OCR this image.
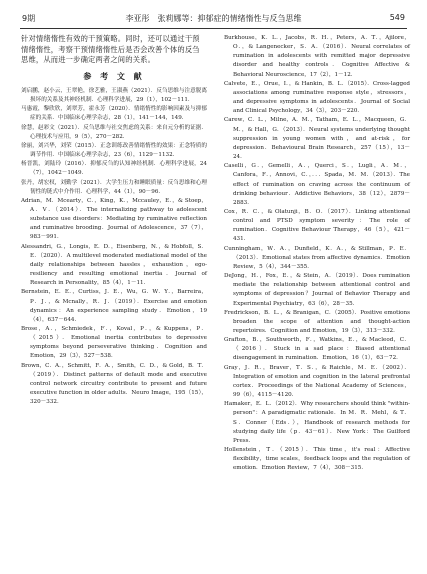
9期	李亚彤　张莉娜等：抑郁症的情绪惰性与反刍思维	549

针对情绪惰性有效的干预策略。同时，还可以通过干预情绪惰性，考察干预情绪惰性后是否会改善个体的反刍思维，从而进一步确定两者之间的关系。

参 考 文 献

刘启鹏，赵小云，王翠艳，徐艺雅，王淑燕（2021）．反刍思维与注意脱离损坏的关系及其神经机制．心理科学进展，29（1），102－111．

马惠霞，黎欣欣，刘翠芳，霍永芳（2020）．情绪惰性的影响因素及与抑郁症的关系．中国临床心理学杂志，28（1），141－144，149．

徐慧，赵彩文（2021）．反刍思维与社交焦虑的关系：来自元分析的证据．心理技术与应用，9（5），270－282．

徐丽，刘兴华，刘荣（2015）．正念训练改善情绪惰性的效果：正念特质的调节作用．中国临床心理学杂志，23（6），1129－1132．

杨晋凯，刘陆玲（2016）．抑郁反刍的认知神经机制．心理科学进展，24（7），1042－1049．

张丹，胡宏权，刘勤学（2021）．大学生压力和睡眠质量：反刍思维和心理韧性的链式中介作用．心理科学，44（1），90－96．

Adrian，M．Mcearty，C．，King，K．，Mccauley，E．，& Stoep，A．V．（2014）．The internalizing pathway to adolescent substance use disorders：Mediating by ruminative reflection and ruminative brooding．Journal of Adolescence，37（7），983－991．

Alessandri，G．，Longis，E．D．，Eisenberg，N．，& Hobfoll，S．E．（2020）．A multilevel moderated mediational model of the daily relationships between hassles，exhaustion，ego-resiliency and resulting emotional inertia．Journal of Research in Personality，85（4），1－11．

Bernstein，E．E．，Curtiss，J．E．，Wu，G．W．Y．，Barreira，P．J．，& Mcnally，R．J．（2019）．Exercise and emotion dynamics：An experience sampling study．Emotion，19（4），637－644．

Brose，A．，Schmiedek，F．，Koval，P．，& Kuppens，P．（2015）．Emotional inertia contributes to depressive symptoms beyond perseverative thinking．Cognition and Emotion，29（3），527－538．

Brown，C．A．，Schmitt，F．A．，Smith，C．D．，& Gold，B．T．（2019）．Distinct patterns of default mode and executive control network circuitry contribute to present and future executive function in older adults．Neuro Image，195（15），320－332．

Burkhouse，K．L．，Jacobs，R．H．，Peters，A．T．，Ajilore，O．，& Langenecker，S．A．（2016）．Neural correlates of rumination in adolescents with remitted major depressive disorder and healthy controls．Cognitive Affective & Behavioral Neuroscience，17（2），1－12．

Calvete，E．，Orue，I．，& Hankin，B．L．（2015）．Cross-lagged associations among ruminative response style，stressors，and depressive symptoms in adolescents．Journal of Social and Clinical Psychology，34（3），203－220．

Carew，C．L．，Milne，A．M．，Tatham，E．L．，Macqueen，G．M．，& Hall，G．（2013）．Neural systems underlying thought suppression in young women with，and at-risk，for depression．Behavioural Brain Research，257（15），13－24．

Caselli，G．，Gemelli，A．，Querci，S．，Lugli，A．M．，Canfora，F．，Annovi，C．，．．．Spada，M．M．（2013）．The effect of rumination on craving across the continuum of drinking behaviour．Addictive Behaviors，38（12），2879－2883．

Cox，R．C．，& Olatunji，B．O．（2017）．Linking attentional control and PTSD symptom severity：The role of rumination．Cognitive Behaviour Therapy，46（5），421－431．

Cunningham，W．A．，Dunfield，K．A．，& Stillman，P．E．（2013）．Emotional states from affective dynamics．Emotion Review，5（4），344－355．

DeJong，H．，Fox，E．，& Stein，A．（2019）．Does rumination mediate the relationship between attentional control and symptoms of depression？Journal of Behavior Therapy and Experimental Psychiatry，63（6），28－35．

Fredrickson，B．L．，& Branigan，C．（2005）．Positive emotions broaden the scope of attention and thought-action repertoires．Cognition and Emotion，19（3），313－332．

Grafton，B．，Southworth，F．，Watkins，E．，& Macleod，C．（2016）．Stuck in a sad place：Biased attentional disengagement in rumination．Emotion，16（1），63－72．

Gray，J．R．，Braver，T．S．，& Raichle，M．E．（2002）．Integration of emotion and cognition in the lateral prefrontal cortex．Proceedings of the National Academy of Sciences，99（6），4115－4120．

Hamaker，E．L．（2012）．Why researchers should think "within-person"：A paradigmatic rationale．In M．R．Mehl，& T．S．Conner（Eds．），Handbook of research methods for studying daily life（p．43－61）．New York：The Guilford Press．

Hollenstein，T．（2015）．This time，it's real：Affective flexibility，time scales，feedback loops and the regulation of emotion．Emotion Review，7（4），308－315．
